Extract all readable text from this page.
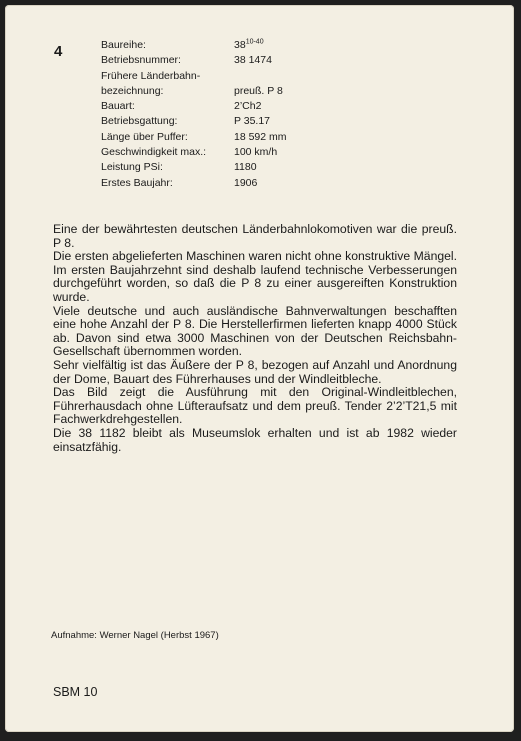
4	Baureihe:	38$^{10-40}$
Betriebsnummer:	38 1474
Frühere Länderbahn-	
bezeichnung:	preuß. P 8
Bauart:	2’Ch2
Betriebsgattung:	P 35.17
Länge über Puffer:	18 592 mm
Geschwindigkeit max.:	100 km/h
Leistung PSi:	1180
Erstes Baujahr:	1906

Eine der bewährtesten deutschen Länderbahnlokomotiven war die preuß. P 8.

Die ersten abgelieferten Maschinen waren nicht ohne konstruktive Mängel. Im ersten Baujahrzehnt sind deshalb laufend technische Verbesserungen durchgeführt worden, so daß die P 8 zu einer ausgereiften Konstruktion wurde.

Viele deutsche und auch ausländische Bahnverwaltungen beschafften eine hohe Anzahl der P 8. Die Herstellerfirmen lieferten knapp 4000 Stück ab. Davon sind etwa 3000 Maschinen von der Deutschen Reichsbahn-Gesellschaft übernommen worden.

Sehr vielfältig ist das Äußere der P 8, bezogen auf Anzahl und Anordnung der Dome, Bauart des Führerhauses und der Windleitbleche.

Das Bild zeigt die Ausführung mit den Original-Windleitblechen, Führerhausdach ohne Lüfteraufsatz und dem preuß. Tender 2’2’T21,5 mit Fachwerkdrehgestellen.

Die 38 1182 bleibt als Museumslok erhalten und ist ab 1982 wieder einsatzfähig.

Aufnahme: Werner Nagel (Herbst 1967)
SBM 10
